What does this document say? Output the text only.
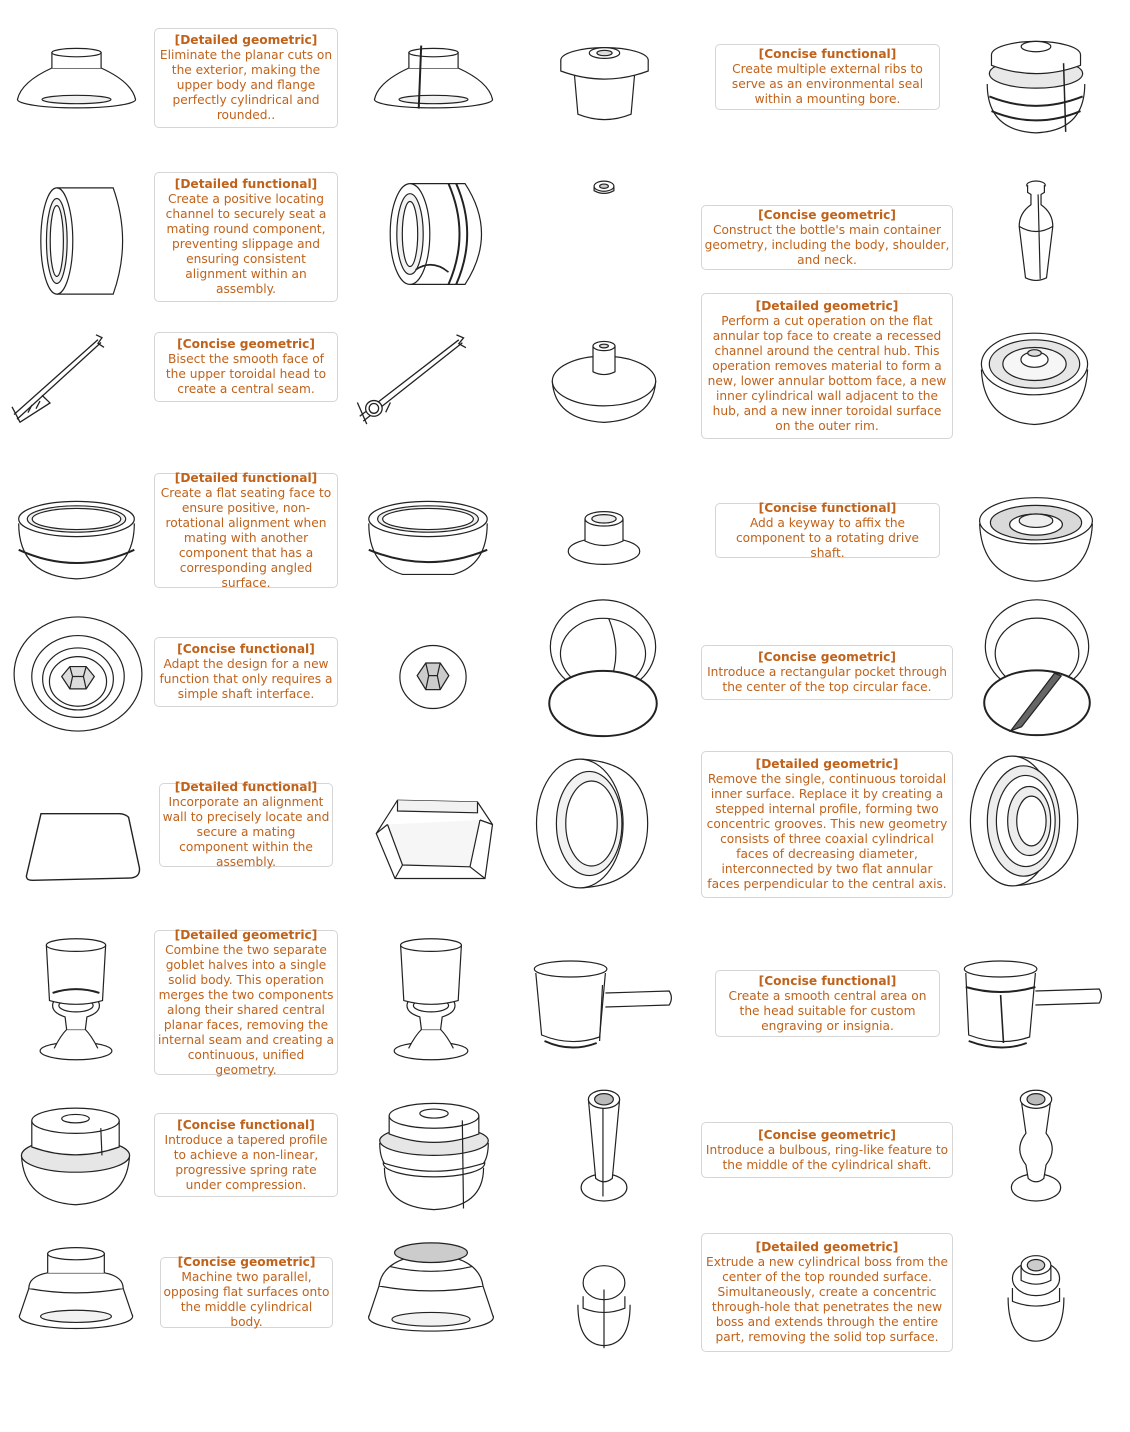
[Detailed geometric]
Eliminate the planar cuts on the exterior, making the upper body and flange perfectly cylindrical and rounded..
[Concise functional]
Create multiple external ribs to serve as an environmental seal within a mounting bore.
[Detailed functional]
Create a positive locating channel to securely seat a mating round component, preventing slippage and ensuring consistent alignment within an assembly.
[Concise geometric]
Construct the bottle's main container geometry, including the body, shoulder, and neck.
[Concise geometric]
Bisect the smooth face of the upper toroidal head to create a central seam.
[Detailed geometric]
Perform a cut operation on the flat annular top face to create a recessed channel around the central hub. This operation removes material to form a new, lower annular bottom face, a new inner cylindrical wall adjacent to the hub, and a new inner toroidal surface on the outer rim.
[Detailed functional]
Create a flat seating face to ensure positive, non-rotational alignment when mating with another component that has a corresponding angled surface.
[Concise functional]
Add a keyway to affix the component to a rotating drive shaft.
[Concise functional]
Adapt the design for a new function that only requires a simple shaft interface.
[Concise geometric]
Introduce a rectangular pocket through the center of the top circular face.
[Detailed functional]
Incorporate an alignment wall to precisely locate and secure a mating component within the assembly.
[Detailed geometric]
Remove the single, continuous toroidal inner surface. Replace it by creating a stepped internal profile, forming two concentric grooves. This new geometry consists of three coaxial cylindrical faces of decreasing diameter, interconnected by two flat annular faces perpendicular to the central axis.
[Detailed geometric]
Combine the two separate goblet halves into a single solid body. This operation merges the two components along their shared central planar faces, removing the internal seam and creating a continuous, unified geometry.
[Concise functional]
Create a smooth central area on the head suitable for custom engraving or insignia.
[Concise functional]
Introduce a tapered profile to achieve a non-linear, progressive spring rate under compression.
[Concise geometric]
Introduce a bulbous, ring-like feature to the middle of the cylindrical shaft.
[Concise geometric]
Machine two parallel, opposing flat surfaces onto the middle cylindrical body.
[Detailed geometric]
Extrude a new cylindrical boss from the center of the top rounded surface. Simultaneously, create a concentric through-hole that penetrates the new boss and extends through the entire part, removing the solid top surface.
